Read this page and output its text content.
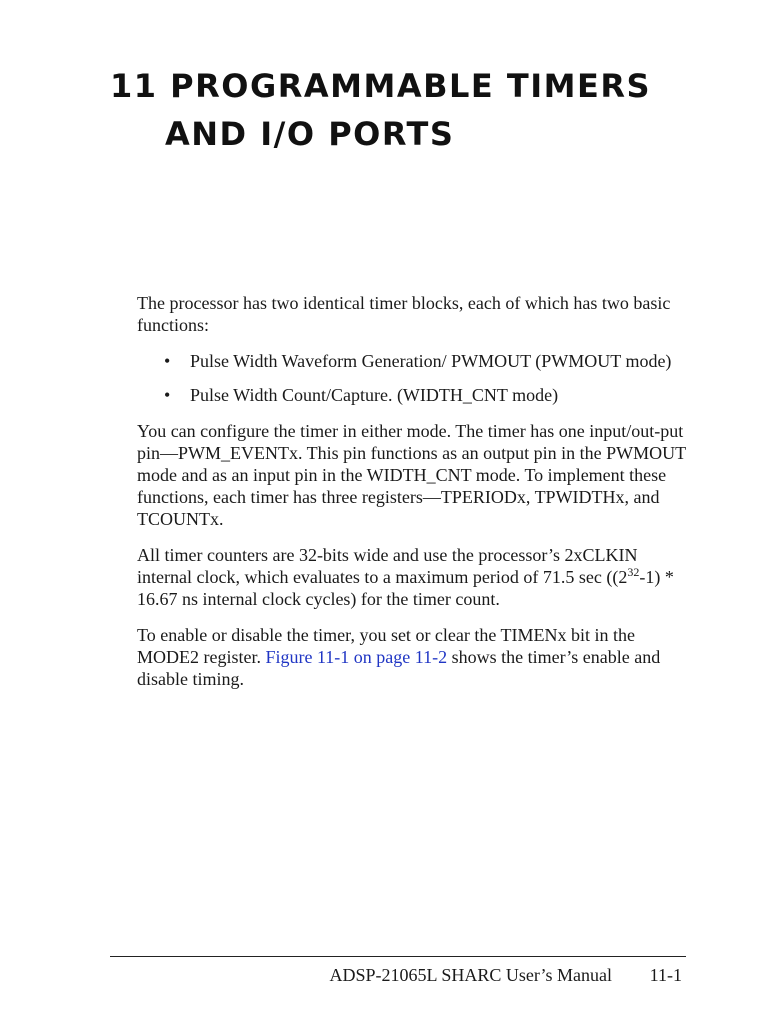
11 PROGRAMMABLE TIMERS
AND I/O PORTS

The processor has two identical timer blocks, each of which has two basic functions:

•	Pulse Width Waveform Generation/ PWMOUT (PWMOUT mode)
•	Pulse Width Count/Capture. (WIDTH_CNT mode)

You can configure the timer in either mode. The timer has one input/out-put pin—PWM_EVENTx. This pin functions as an output pin in the PWMOUT mode and as an input pin in the WIDTH_CNT mode. To implement these functions, each timer has three registers—TPERIODx, TPWIDTHx, and TCOUNTx.

All timer counters are 32-bits wide and use the processor’s 2xCLKIN internal clock, which evaluates to a maximum period of 71.5 $\sec ((2^{32}-1) * 16.67$ ns internal clock cycles) for the timer count.

To enable or disable the timer, you set or clear the TIMENx bit in the MODE2 register. Figure 11-1 on page 11-2 shows the timer’s enable and disable timing.

ADSP-21065L SHARC User’s Manual	11-1
